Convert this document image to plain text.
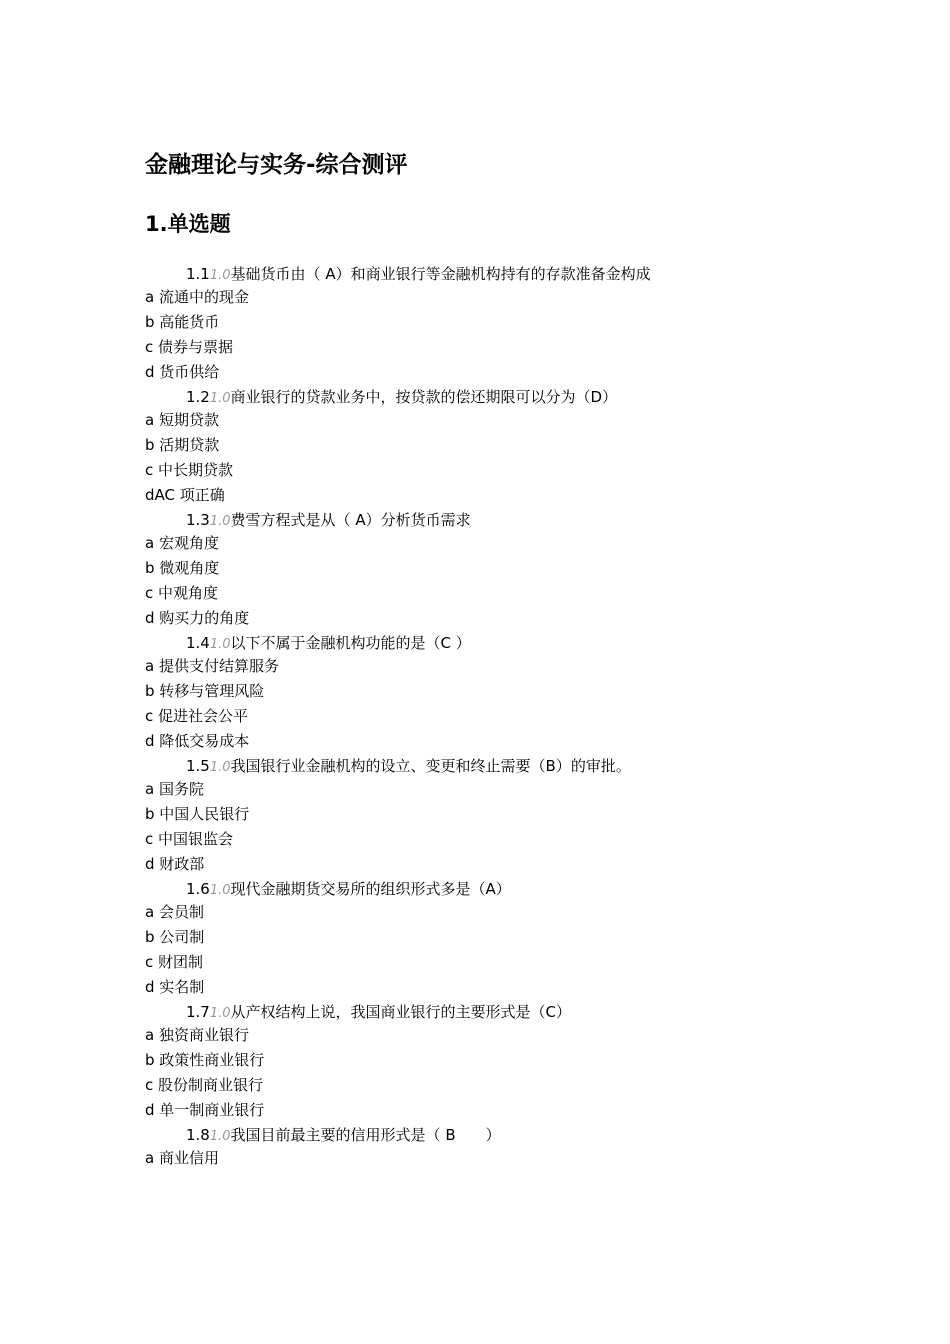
金融理论与实务-综合测评
1.单选题
1.11.0基础货币由（ A）和商业银行等金融机构持有的存款准备金构成
a 流通中的现金
b 高能货币
c 债券与票据
d 货币供给
1.21.0商业银行的贷款业务中，按贷款的偿还期限可以分为（D）
a 短期贷款
b 活期贷款
c 中长期贷款
dAC 项正确
1.31.0费雪方程式是从（ A）分析货币需求
a 宏观角度
b 微观角度
c 中观角度
d 购买力的角度
1.41.0以下不属于金融机构功能的是（C ）
a 提供支付结算服务
b 转移与管理风险
c 促进社会公平
d 降低交易成本
1.51.0我国银行业金融机构的设立、变更和终止需要（B）的审批。
a 国务院
b 中国人民银行
c 中国银监会
d 财政部
1.61.0现代金融期货交易所的组织形式多是（A）
a 会员制
b 公司制
c 财团制
d 实名制
1.71.0从产权结构上说，我国商业银行的主要形式是（C）
a 独资商业银行
b 政策性商业银行
c 股份制商业银行
d 单一制商业银行
1.81.0我国目前最主要的信用形式是（ B　　）
a 商业信用
